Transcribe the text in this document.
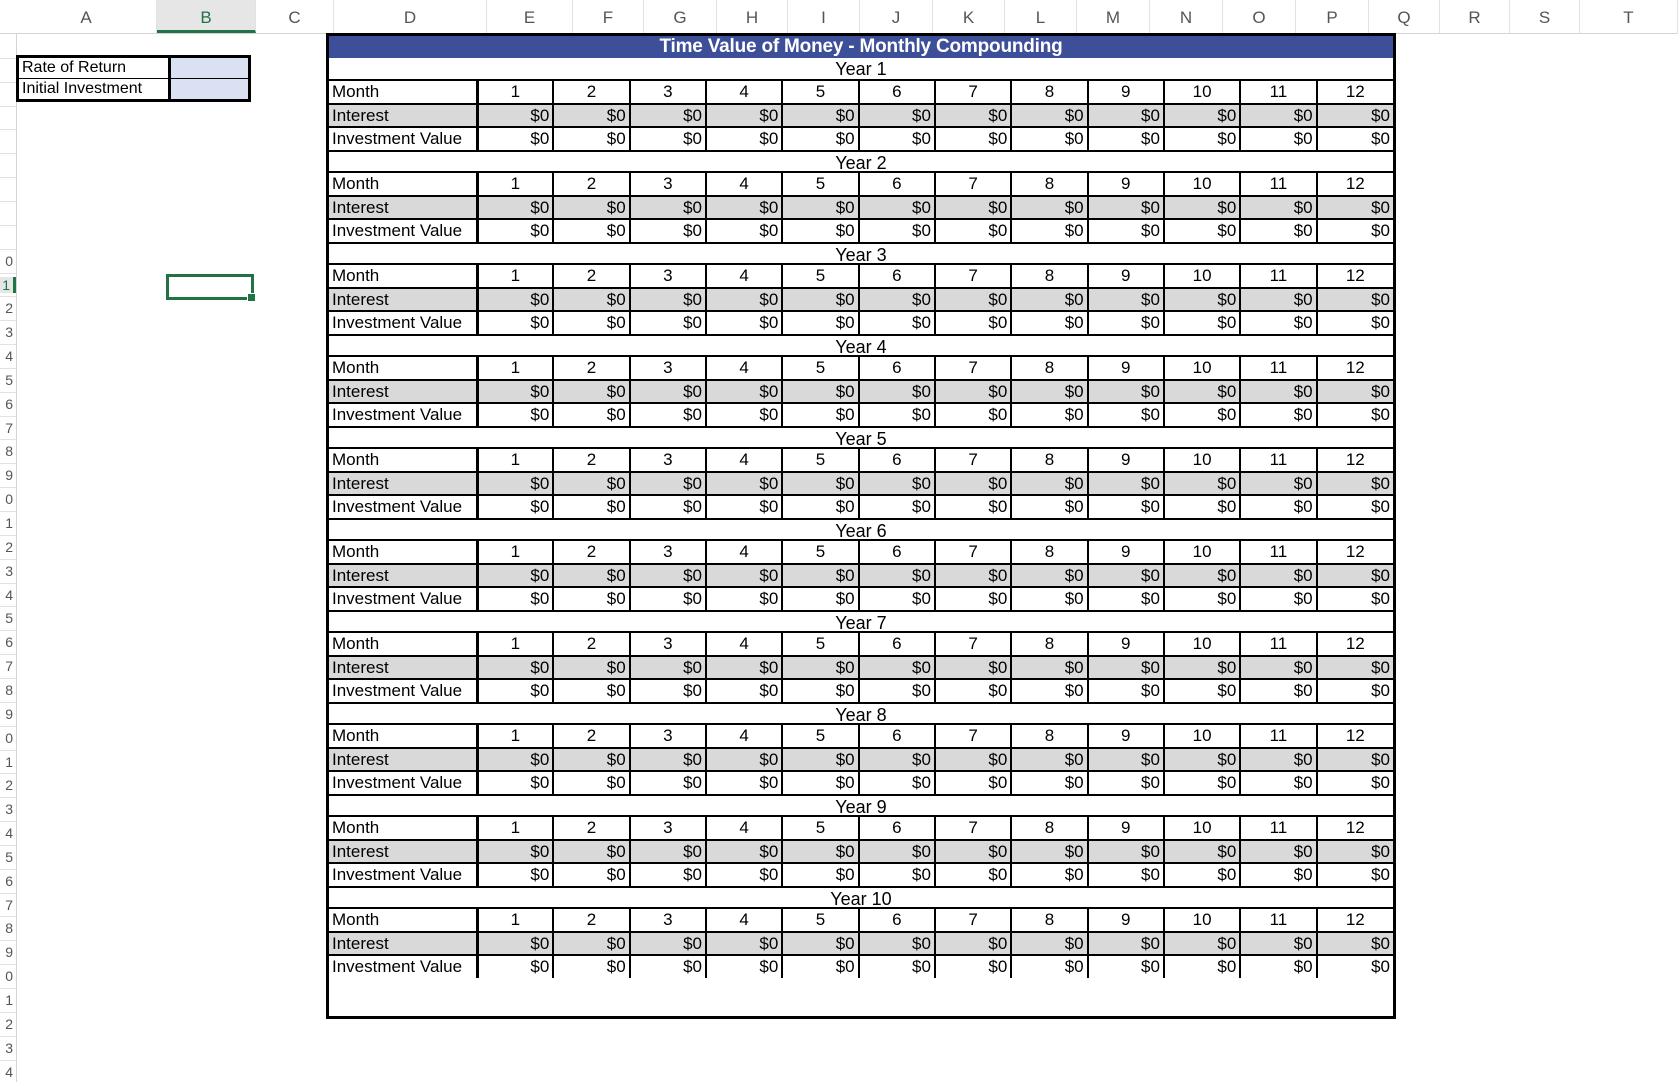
A	B	C	D	E	F	G	H	I	J	K	L	M	N	O	P	Q	R	S	T
0
1
2
3
4
5
6
7
8
9
0
1
2
3
4
5
6
7
8
9
0
1
2
3
4
5
6
7
8
9
0
1
2
3
4
Rate of Return	
Initial Investment	
Time Value of Money - Monthly Compounding
Year 1
Month	1	2	3	4	5	6	7	8	9	10	11	12
Interest	$0	$0	$0	$0	$0	$0	$0	$0	$0	$0	$0	$0
Investment Value	$0	$0	$0	$0	$0	$0	$0	$0	$0	$0	$0	$0
Year 2
Month	1	2	3	4	5	6	7	8	9	10	11	12
Interest	$0	$0	$0	$0	$0	$0	$0	$0	$0	$0	$0	$0
Investment Value	$0	$0	$0	$0	$0	$0	$0	$0	$0	$0	$0	$0
Year 3
Month	1	2	3	4	5	6	7	8	9	10	11	12
Interest	$0	$0	$0	$0	$0	$0	$0	$0	$0	$0	$0	$0
Investment Value	$0	$0	$0	$0	$0	$0	$0	$0	$0	$0	$0	$0
Year 4
Month	1	2	3	4	5	6	7	8	9	10	11	12
Interest	$0	$0	$0	$0	$0	$0	$0	$0	$0	$0	$0	$0
Investment Value	$0	$0	$0	$0	$0	$0	$0	$0	$0	$0	$0	$0
Year 5
Month	1	2	3	4	5	6	7	8	9	10	11	12
Interest	$0	$0	$0	$0	$0	$0	$0	$0	$0	$0	$0	$0
Investment Value	$0	$0	$0	$0	$0	$0	$0	$0	$0	$0	$0	$0
Year 6
Month	1	2	3	4	5	6	7	8	9	10	11	12
Interest	$0	$0	$0	$0	$0	$0	$0	$0	$0	$0	$0	$0
Investment Value	$0	$0	$0	$0	$0	$0	$0	$0	$0	$0	$0	$0
Year 7
Month	1	2	3	4	5	6	7	8	9	10	11	12
Interest	$0	$0	$0	$0	$0	$0	$0	$0	$0	$0	$0	$0
Investment Value	$0	$0	$0	$0	$0	$0	$0	$0	$0	$0	$0	$0
Year 8
Month	1	2	3	4	5	6	7	8	9	10	11	12
Interest	$0	$0	$0	$0	$0	$0	$0	$0	$0	$0	$0	$0
Investment Value	$0	$0	$0	$0	$0	$0	$0	$0	$0	$0	$0	$0
Year 9
Month	1	2	3	4	5	6	7	8	9	10	11	12
Interest	$0	$0	$0	$0	$0	$0	$0	$0	$0	$0	$0	$0
Investment Value	$0	$0	$0	$0	$0	$0	$0	$0	$0	$0	$0	$0
Year 10
Month	1	2	3	4	5	6	7	8	9	10	11	12
Interest	$0	$0	$0	$0	$0	$0	$0	$0	$0	$0	$0	$0
Investment Value	$0	$0	$0	$0	$0	$0	$0	$0	$0	$0	$0	$0
